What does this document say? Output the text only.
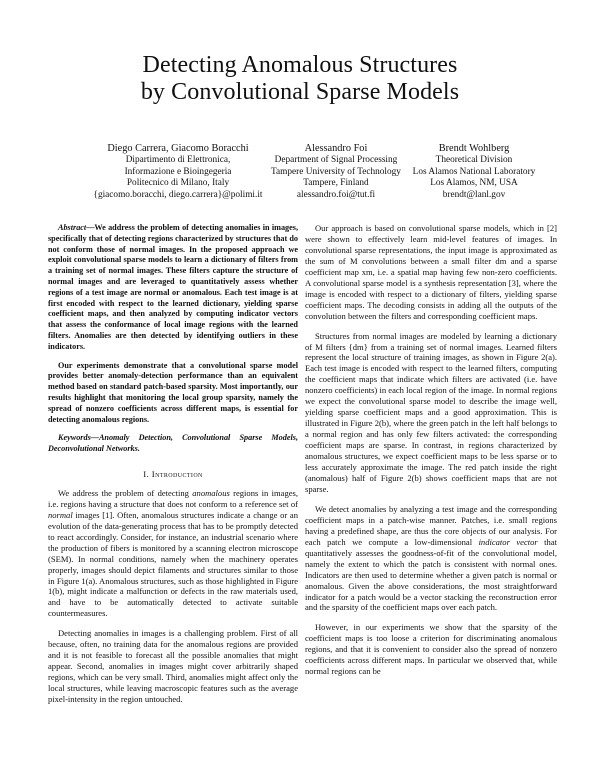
Detecting Anomalous Structures
by Convolutional Sparse Models
Diego Carrera, Giacomo Boracchi
Dipartimento di Elettronica,
Informazione e Bioingegeria
Politecnico di Milano, Italy
{giacomo.boracchi, diego.carrera}@polimi.it
Alessandro Foi
Department of Signal Processing
Tampere University of Technology
Tampere, Finland
alessandro.foi@tut.fi
Brendt Wohlberg
Theoretical Division
Los Alamos National Laboratory
Los Alamos, NM, USA
brendt@lanl.gov

Abstract—We address the problem of detecting anomalies in images, specifically that of detecting regions characterized by structures that do not conform those of normal images. In the proposed approach we exploit convolutional sparse models to learn a dictionary of filters from a training set of normal images. These filters capture the structure of normal images and are leveraged to quantitatively assess whether regions of a test image are normal or anomalous. Each test image is at first encoded with respect to the learned dictionary, yielding sparse coefficient maps, and then analyzed by computing indicator vectors that assess the conformance of local image regions with the learned filters. Anomalies are then detected by identifying outliers in these indicators.

Our experiments demonstrate that a convolutional sparse model provides better anomaly-detection performance than an equivalent method based on standard patch-based sparsity. Most importantly, our results highlight that monitoring the local group sparsity, namely the spread of nonzero coefficients across different maps, is essential for detecting anomalous regions.

Keywords—Anomaly Detection, Convolutional Sparse Models, Deconvolutional Networks.

I. Introduction

We address the problem of detecting anomalous regions in images, i.e. regions having a structure that does not conform to a reference set of normal images [1]. Often, anomalous structures indicate a change or an evolution of the data-generating process that has to be promptly detected to react accordingly. Consider, for instance, an industrial scenario where the production of fibers is monitored by a scanning electron microscope (SEM). In normal conditions, namely when the machinery operates properly, images should depict filaments and structures similar to those in Figure 1(a). Anomalous structures, such as those highlighted in Figure 1(b), might indicate a malfunction or defects in the raw materials used, and have to be automatically detected to activate suitable countermeasures.

Detecting anomalies in images is a challenging problem. First of all because, often, no training data for the anomalous regions are provided and it is not feasible to forecast all the possible anomalies that might appear. Second, anomalies in images might cover arbitrarily shaped regions, which can be very small. Third, anomalies might affect only the local structures, while leaving macroscopic features such as the average pixel-intensity in the region untouched.

Our approach is based on convolutional sparse models, which in [2] were shown to effectively learn mid-level features of images. In convolutional sparse representations, the input image is approximated as the sum of M convolutions between a small filter dm and a sparse coefficient map xm, i.e. a spatial map having few non-zero coefficients. A convolutional sparse model is a synthesis representation [3], where the image is encoded with respect to a dictionary of filters, yielding sparse coefficient maps. The decoding consists in adding all the outputs of the convolution between the filters and corresponding coefficient maps.

Structures from normal images are modeled by learning a dictionary of M filters {dm} from a training set of normal images. Learned filters represent the local structure of training images, as shown in Figure 2(a). Each test image is encoded with respect to the learned filters, computing the coefficient maps that indicate which filters are activated (i.e. have nonzero coefficients) in each local region of the image. In normal regions we expect the convolutional sparse model to describe the image well, yielding sparse coefficient maps and a good approximation. This is illustrated in Figure 2(b), where the green patch in the left half belongs to a normal region and has only few filters activated: the corresponding coefficient maps are sparse. In contrast, in regions characterized by anomalous structures, we expect coefficient maps to be less sparse or to less accurately approximate the image. The red patch inside the right (anomalous) half of Figure 2(b) shows coefficient maps that are not sparse.

We detect anomalies by analyzing a test image and the corresponding coefficient maps in a patch-wise manner. Patches, i.e. small regions having a predefined shape, are thus the core objects of our analysis. For each patch we compute a low-dimensional indicator vector that quantitatively assesses the goodness-of-fit of the convolutional model, namely the extent to which the patch is consistent with normal ones. Indicators are then used to determine whether a given patch is normal or anomalous. Given the above considerations, the most straightforward indicator for a patch would be a vector stacking the reconstruction error and the sparsity of the coefficient maps over each patch.

However, in our experiments we show that the sparsity of the coefficient maps is too loose a criterion for discriminating anomalous regions, and that it is convenient to consider also the spread of nonzero coefficients across different maps. In particular we observed that, while normal regions can be
